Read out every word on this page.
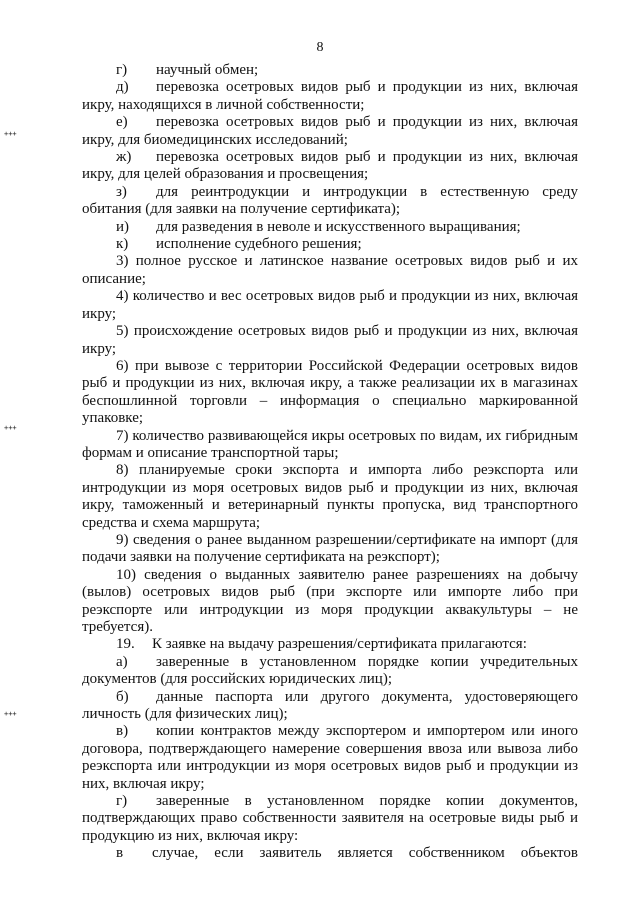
8
+++
+++
+++

г) научный обмен;

д) перевозка осетровых видов рыб и продукции из них, включая икру, находящихся в личной собственности;

е) перевозка осетровых видов рыб и продукции из них, включая икру, для биомедицинских исследований;

ж) перевозка осетровых видов рыб и продукции из них, включая икру, для целей образования и просвещения;

з) для реинтродукции и интродукции в естественную среду обитания (для заявки на получение сертификата);

и) для разведения в неволе и искусственного выращивания;

к) исполнение судебного решения;

3) полное русское и латинское название осетровых видов рыб и их описание;

4) количество и вес осетровых видов рыб и продукции из них, включая икру;

5) происхождение осетровых видов рыб и продукции из них, включая икру;

6) при вывозе с территории Российской Федерации осетровых видов рыб и продукции из них, включая икру, а также реализации их в магазинах беспошлинной торговли – информация о специально маркированной упаковке;

7) количество развивающейся икры осетровых по видам, их гибридным формам и описание транспортной тары;

8) планируемые сроки экспорта и импорта либо реэкспорта или интродукции из моря осетровых видов рыб и продукции из них, включая икру, таможенный и ветеринарный пункты пропуска, вид транспортного средства и схема маршрута;

9) сведения о ранее выданном разрешении/сертификате на импорт (для подачи заявки на получение сертификата на реэкспорт);

10) сведения о выданных заявителю ранее разрешениях на добычу (вылов) осетровых видов рыб (при экспорте или импорте либо при реэкспорте или интродукции из моря продукции аквакультуры – не требуется).

19. К заявке на выдачу разрешения/сертификата прилагаются:

а) заверенные в установленном порядке копии учредительных документов (для российских юридических лиц);

б) данные паспорта или другого документа, удостоверяющего личность (для физических лиц);

в) копии контрактов между экспортером и импортером или иного договора, подтверждающего намерение совершения ввоза или вывоза либо реэкспорта или интродукции из моря осетровых видов рыб и продукции из них, включая икру;

г) заверенные в установленном порядке копии документов, подтверждающих право собственности заявителя на осетровые виды рыб и продукцию из них, включая икру:

в случае, если заявитель является собственником объектов
